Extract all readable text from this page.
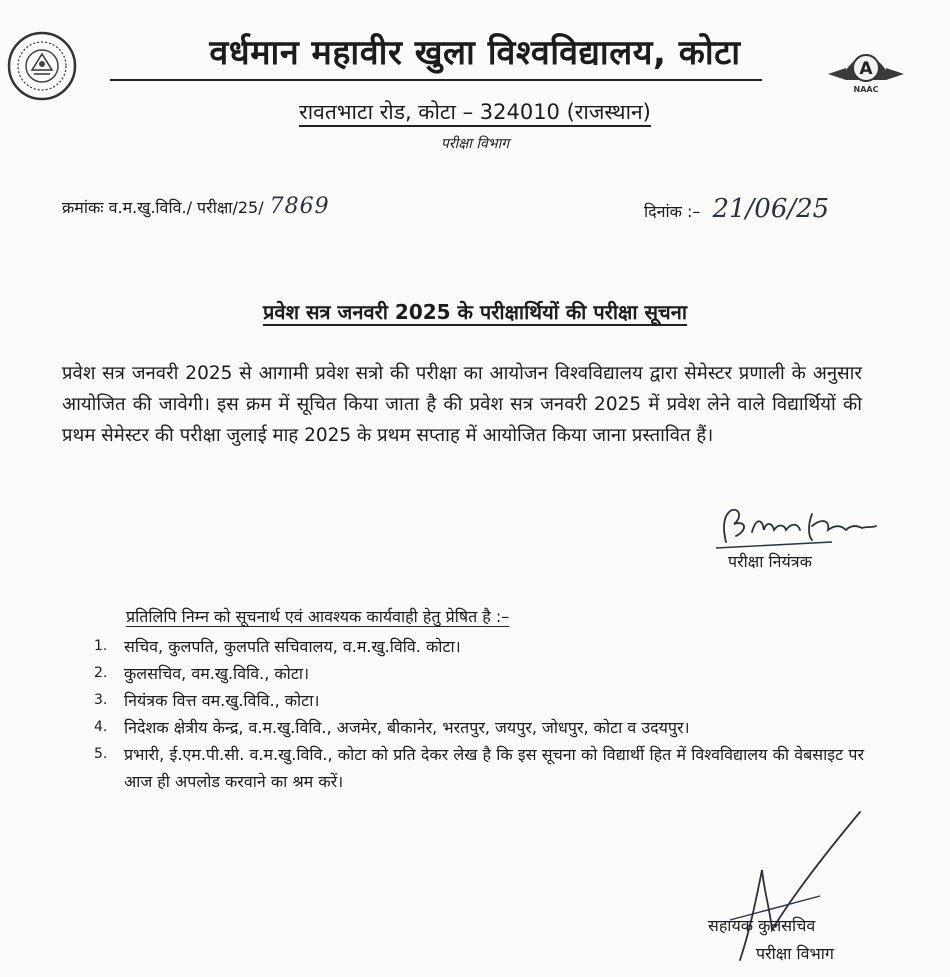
A
NAAC
वर्धमान महावीर खुला विश्वविद्यालय, कोटा
रावतभाटा रोड, कोटा – 324010 (राजस्थान)
परीक्षा विभाग
क्रमांकः व.म.खु.विवि./ परीक्षा/25/ 7869	दिनांक :– 21/06/25
प्रवेश सत्र जनवरी 2025 के परीक्षार्थियों की परीक्षा सूचना
प्रवेश सत्र जनवरी 2025 से आगामी प्रवेश सत्रो की परीक्षा का आयोजन विश्वविद्यालय द्वारा सेमेस्टर प्रणाली के अनुसार आयोजित की जावेगी। इस क्रम में सूचित किया जाता है की प्रवेश सत्र जनवरी 2025 में प्रवेश लेने वाले विद्यार्थियों की प्रथम सेमेस्टर की परीक्षा जुलाई माह 2025 के प्रथम सप्ताह में आयोजित किया जाना प्रस्तावित हैं।
परीक्षा नियंत्रक
प्रतिलिपि निम्न को सूचनार्थ एवं आवश्यक कार्यवाही हेतु प्रेषित है :–
1.	सचिव, कुलपति, कुलपति सचिवालय, व.म.खु.विवि. कोटा।
2.	कुलसचिव, वम.खु.विवि., कोटा।
3.	नियंत्रक वित्त वम.खु.विवि., कोटा।
4.	निदेशक क्षेत्रीय केन्द्र, व.म.खु.विवि., अजमेर, बीकानेर, भरतपुर, जयपुर, जोधपुर, कोटा व उदयपुर।
5.	प्रभारी, ई.एम.पी.सी. व.म.खु.विवि., कोटा को प्रति देकर लेख है कि इस सूचना को विद्यार्थी हित में विश्वविद्यालय की वेबसाइट पर आज ही अपलोड करवाने का श्रम करें।
सहायक कुलसचिव
परीक्षा विभाग
